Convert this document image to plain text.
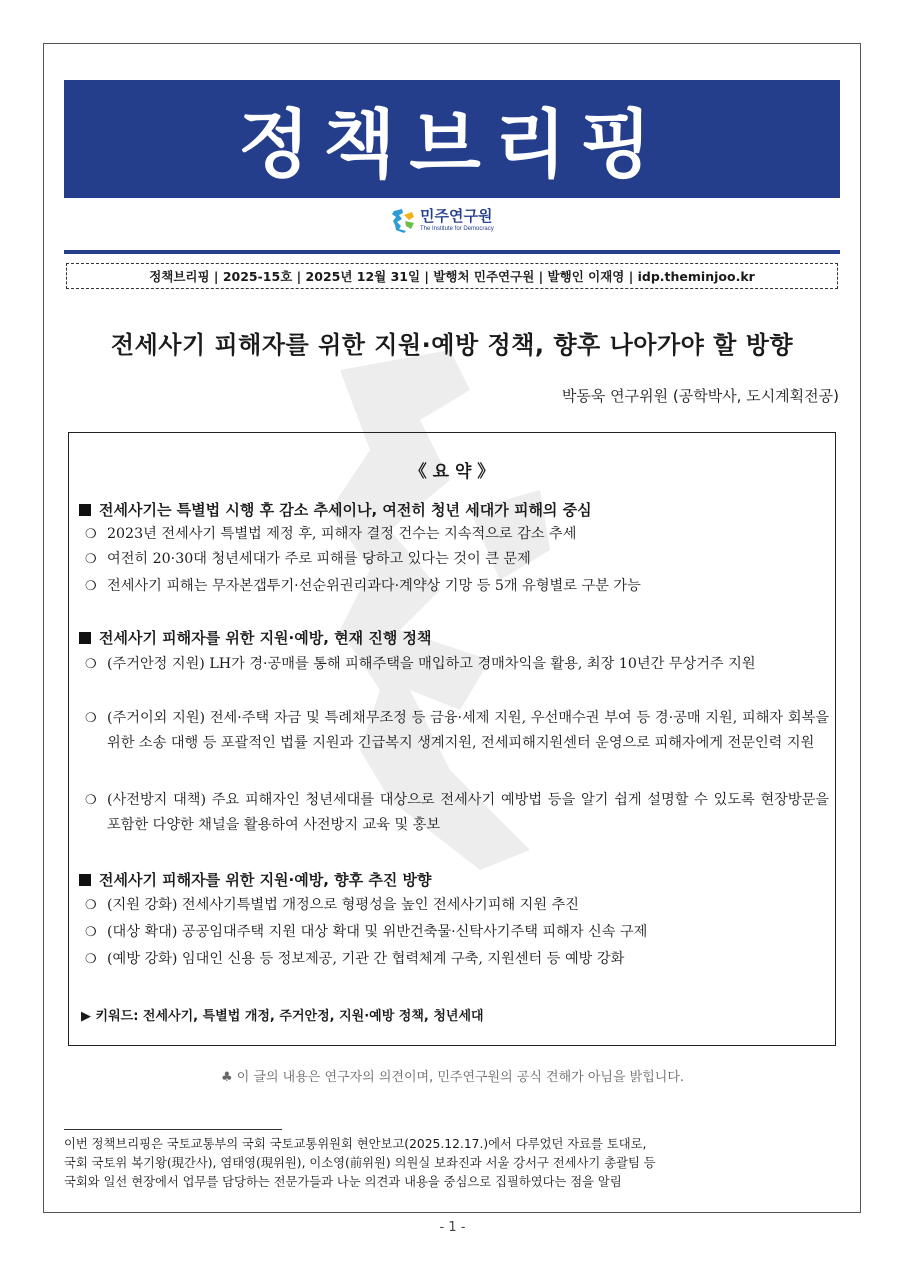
정책브리핑
민주연구원
The Institute for Democracy
정책브리핑 | 2025-15호 | 2025년 12월 31일 | 발행처 민주연구원 | 발행인 이재영 | idp.theminjoo.kr
전세사기 피해자를 위한 지원·예방 정책, 향후 나아가야 할 방향
박동욱 연구위원 (공학박사, 도시계획전공)
《 요 약 》
전세사기는 특별법 시행 후 감소 추세이나, 여전히 청년 세대가 피해의 중심
❍ 2023년 전세사기 특별법 제정 후, 피해자 결정 건수는 지속적으로 감소 추세
❍ 여전히 20·30대 청년세대가 주로 피해를 당하고 있다는 것이 큰 문제
❍ 전세사기 피해는 무자본갭투기·선순위권리과다·계약상 기망 등 5개 유형별로 구분 가능
전세사기 피해자를 위한 지원·예방, 현재 진행 정책
❍ (주거안정 지원) LH가 경·공매를 통해 피해주택을 매입하고 경매차익을 활용, 최장 10년간 무상거주 지원
❍ (주거이외 지원) 전세·주택 자금 및 특례채무조정 등 금융·세제 지원, 우선매수권 부여 등 경·공매 지원, 피해자 회복을 위한 소송 대행 등 포괄적인 법률 지원과 긴급복지 생계지원, 전세피해지원센터 운영으로 피해자에게 전문인력 지원
❍ (사전방지 대책) 주요 피해자인 청년세대를 대상으로 전세사기 예방법 등을 알기 쉽게 설명할 수 있도록 현장방문을 포함한 다양한 채널을 활용하여 사전방지 교육 및 홍보
전세사기 피해자를 위한 지원·예방, 향후 추진 방향
❍ (지원 강화) 전세사기특별법 개정으로 형평성을 높인 전세사기피해 지원 추진
❍ (대상 확대) 공공임대주택 지원 대상 확대 및 위반건축물·신탁사기주택 피해자 신속 구제
❍ (예방 강화) 임대인 신용 등 정보제공, 기관 간 협력체계 구축, 지원센터 등 예방 강화
▶ 키워드: 전세사기, 특별법 개정, 주거안정, 지원·예방 정책, 청년세대
♣ 이 글의 내용은 연구자의 의견이며, 민주연구원의 공식 견해가 아님을 밝힙니다.
이번 정책브리핑은 국토교통부의 국회 국토교통위원회 현안보고(2025.12.17.)에서 다루었던 자료를 토대로,
국회 국토위 복기왕(現간사), 염태영(現위원), 이소영(前위원) 의원실 보좌진과 서울 강서구 전세사기 총괄팀 등
국회와 일선 현장에서 업무를 담당하는 전문가들과 나눈 의견과 내용을 중심으로 집필하였다는 점을 알림
- 1 -
